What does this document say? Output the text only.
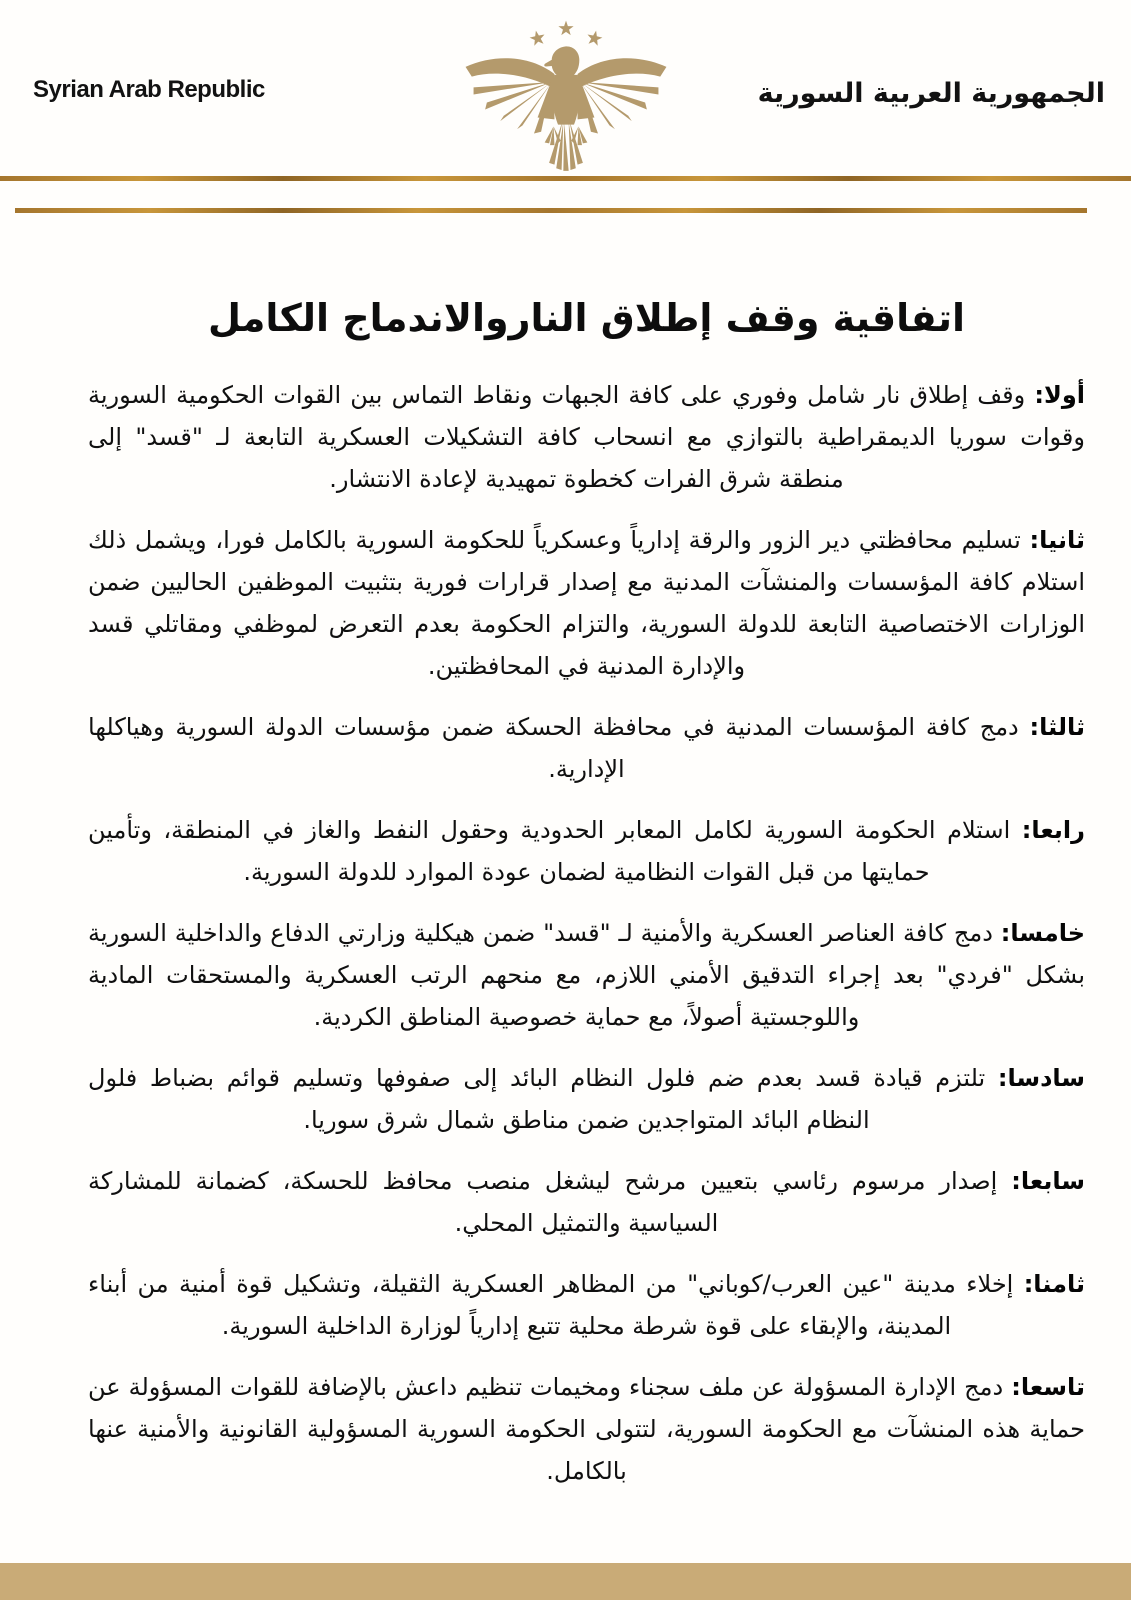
Syrian Arab Republic	الجمهورية العربية السورية
اتفاقية وقف إطلاق الناروالاندماج الكامل

أولا: وقف إطلاق نار شامل وفوري على كافة الجبهات ونقاط التماس بين القوات الحكومية السورية وقوات سوريا الديمقراطية بالتوازي مع انسحاب كافة التشكيلات العسكرية التابعة لـ "قسد" إلى منطقة شرق الفرات كخطوة تمهيدية لإعادة الانتشار.

ثانيا: تسليم محافظتي دير الزور والرقة إدارياً وعسكرياً للحكومة السورية بالكامل فورا، ويشمل ذلك استلام كافة المؤسسات والمنشآت المدنية مع إصدار قرارات فورية بتثبيت الموظفين الحاليين ضمن الوزارات الاختصاصية التابعة للدولة السورية، والتزام الحكومة بعدم التعرض لموظفي ومقاتلي قسد والإدارة المدنية في المحافظتين.

ثالثا: دمج كافة المؤسسات المدنية في محافظة الحسكة ضمن مؤسسات الدولة السورية وهياكلها الإدارية.

رابعا: استلام الحكومة السورية لكامل المعابر الحدودية وحقول النفط والغاز في المنطقة، وتأمين حمايتها من قبل القوات النظامية لضمان عودة الموارد للدولة السورية.

خامسا: دمج كافة العناصر العسكرية والأمنية لـ "قسد" ضمن هيكلية وزارتي الدفاع والداخلية السورية بشكل "فردي" بعد إجراء التدقيق الأمني اللازم، مع منحهم الرتب العسكرية والمستحقات المادية واللوجستية أصولاً، مع حماية خصوصية المناطق الكردية.

سادسا: تلتزم قيادة قسد بعدم ضم فلول النظام البائد إلى صفوفها وتسليم قوائم بضباط فلول النظام البائد المتواجدين ضمن مناطق شمال شرق سوريا.

سابعا: إصدار مرسوم رئاسي بتعيين مرشح ليشغل منصب محافظ للحسكة، كضمانة للمشاركة السياسية والتمثيل المحلي.

ثامنا: إخلاء مدينة "عين العرب/كوباني" من المظاهر العسكرية الثقيلة، وتشكيل قوة أمنية من أبناء المدينة، والإبقاء على قوة شرطة محلية تتبع إدارياً لوزارة الداخلية السورية.

تاسعا: دمج الإدارة المسؤولة عن ملف سجناء ومخيمات تنظيم داعش بالإضافة للقوات المسؤولة عن حماية هذه المنشآت مع الحكومة السورية، لتتولى الحكومة السورية المسؤولية القانونية والأمنية عنها بالكامل.
